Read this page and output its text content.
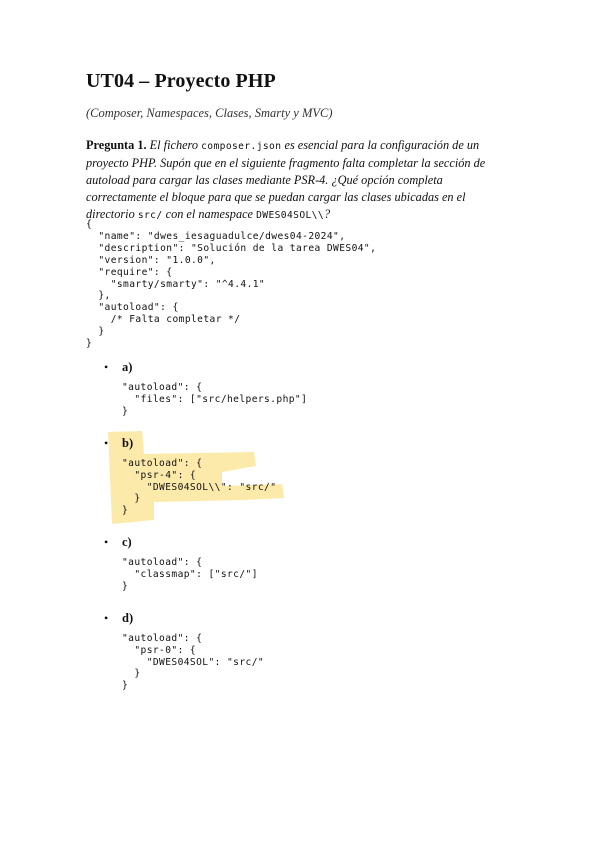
UT04 – Proyecto PHP
(Composer, Namespaces, Clases, Smarty y MVC)
Pregunta 1. El fichero composer.json es esencial para la configuración de un proyecto PHP. Supón que en el siguiente fragmento falta completar la sección de autoload para cargar las clases mediante PSR-4. ¿Qué opción completa correctamente el bloque para que se puedan cargar las clases ubicadas en el directorio src/ con el namespace DWES04SOL\\?
{
"name": "dwes_iesaguadulce/dwes04-2024",
"description": "Solución de la tarea DWES04",
"version": "1.0.0",
"require": {
"smarty/smarty": "^4.4.1"
},
"autoload": {
/* Falta completar */
}
}
• a)
"autoload": {
"files": ["src/helpers.php"]
}
• b)
"autoload": {
"psr-4": {
"DWES04SOL\\": "src/"
}
}
• c)
"autoload": {
"classmap": ["src/"]
}
• d)
"autoload": {
"psr-0": {
"DWES04SOL": "src/"
}
}
